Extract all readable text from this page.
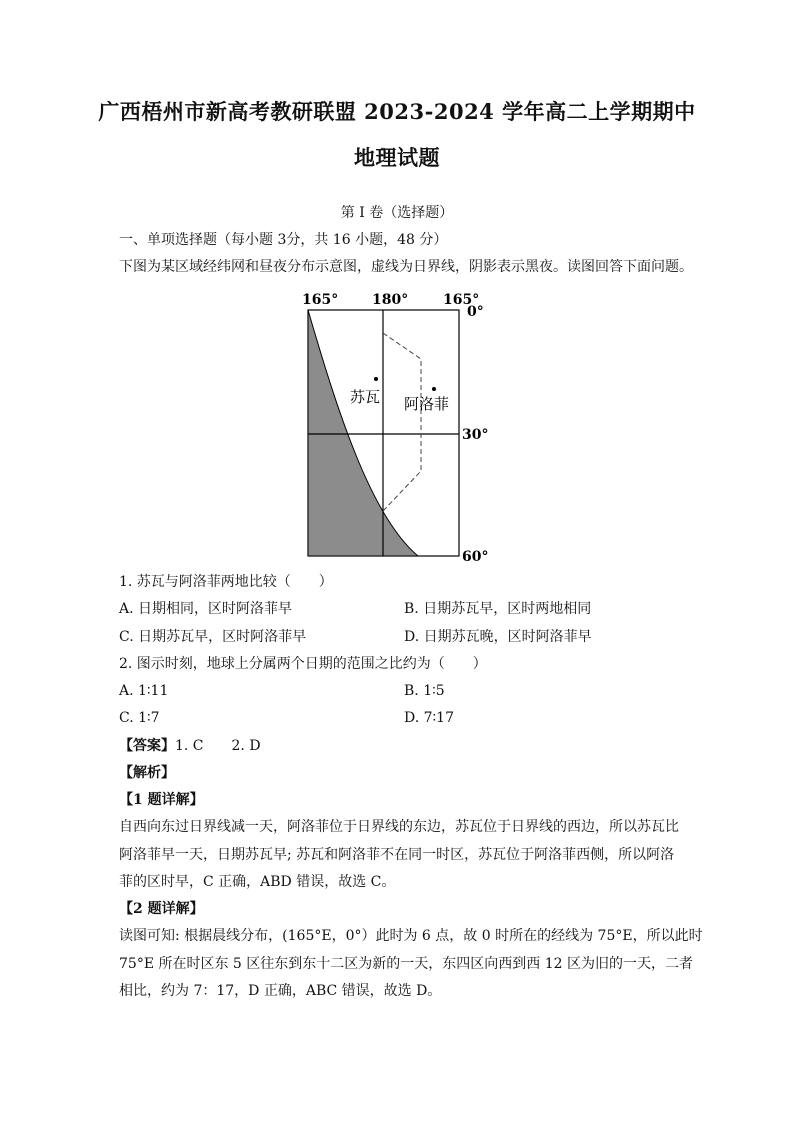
广西梧州市新高考教研联盟 2023-2024 学年高二上学期期中
地理试题
第 I 卷（选择题）
一、单项选择题（每小题 3分，共 16 小题，48 分）
下图为某区域经纬网和昼夜分布示意图，虚线为日界线，阴影表示黑夜。读图回答下面问题。
苏瓦 阿洛菲
165° 180° 165°
0°
30°
60°
1. 苏瓦与阿洛菲两地比较（　　）
A. 日期相同，区时阿洛菲早	B. 日期苏瓦早，区时两地相同
C. 日期苏瓦早，区时阿洛菲早	D. 日期苏瓦晚，区时阿洛菲早
2. 图示时刻，地球上分属两个日期的范围之比约为（　　）
A. 1∶11	B. 1∶5
C. 1∶7	D. 7∶17
【答案】1. C　　2. D
【解析】
【1 题详解】
自西向东过日界线减一天，阿洛菲位于日界线的东边，苏瓦位于日界线的西边，所以苏瓦比
阿洛菲早一天，日期苏瓦早; 苏瓦和阿洛菲不在同一时区，苏瓦位于阿洛菲西侧，所以阿洛
菲的区时早，C 正确，ABD 错误，故选 C。
【2 题详解】
读图可知: 根据晨线分布，(165°E，0°）此时为 6 点，故 0 时所在的经线为 75°E，所以此时
75°E 所在时区东 5 区往东到东十二区为新的一天，东四区向西到西 12 区为旧的一天，二者
相比，约为 7：17，D 正确，ABC 错误，故选 D。
